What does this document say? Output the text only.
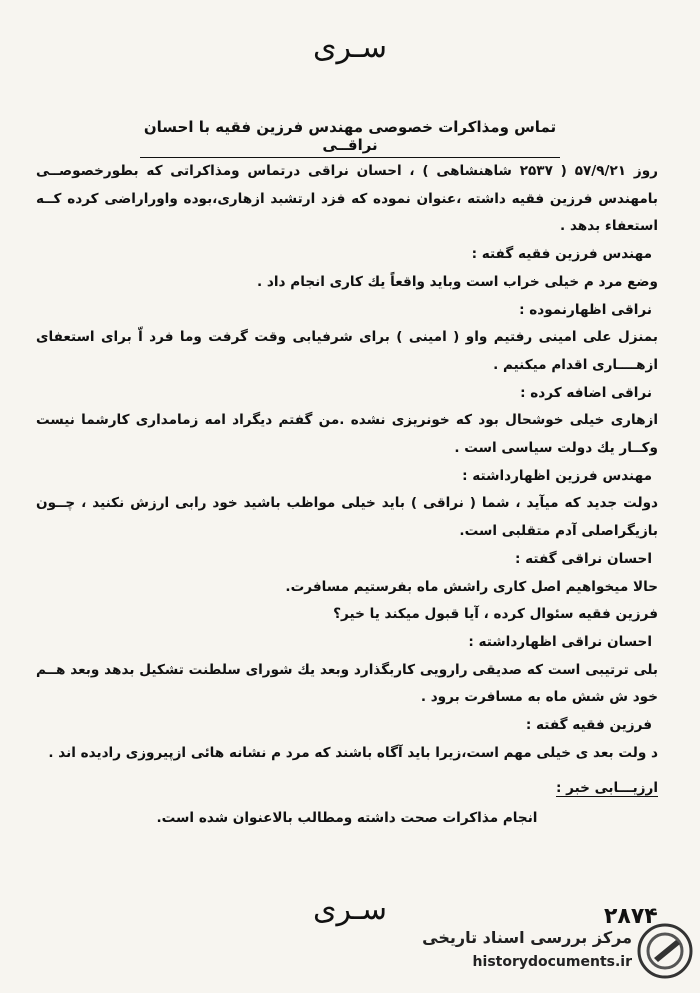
سـرى
تماس ومذاكرات خصوصى مهندس فرزين فقيه با احسان نراقــى

روز ۵۷/۹/۲۱ ( ۲۵۳۷ شاهنشاهى ) ، احسان نراقى درتماس ومذاكراتى كه بطورخصوصــى بامهندس فرزين فقيه داشته ،عنوان نموده كه فزد ارتشبد ازهارى،بوده واوراراضى كرده كــه استعفاء بدهد .

مهندس فرزين فقيه گفته :

وضع مرد م خيلى خراب است وبايد واقعاً يك كارى انجام داد .

نراقى اظهارنموده :

بمنزل على امينى رفتيم واو ( امينى ) براى شرفيابى وقت گرفت وما فرد اّ براى استعفاى ازهــــارى اقدام ميكنيم .

نراقى اضافه كرده :

ازهارى خيلى خوشحال بود كه خونريزى نشده .من گفتم دیگراد امه زمامدارى كارشما نيست وكــار يك دولت سياسى است .

مهندس فرزين اظهارداشته :

دولت جديد كه ميآيد ، شما ( نراقى ) بايد خيلى مواظب باشيد خود رابى ارزش نكنيد ، چــون بازيگراصلى آدم متقلبى است.

احسان نراقى گفته :

حالا ميخواهيم اصل كارى راشش ماه بفرستيم مسافرت.

فرزين فقيه سئوال كرده ، آيا قبول ميكند يا خير؟

احسان نراقى اظهارداشته :

بلى ترتيبى است كه صديقى رارويى كاربگذارد وبعد يك شوراى سلطنت تشكيل بدهد وبعد هــم خود ش شش ماه به مسافرت برود .

فرزين فقيه گفته :

د ولت بعد ى خيلى مهم است،زيرا بايد آگاه باشند كه مرد م نشانه هائى ازپيروزى راديده اند .

ارزيـــابى خبر :

انجام مذاكرات صحت داشته ومطالب بالاعنوان شده است.

سـرى	۲۸۷۴
مركز بررسى اسناد تاريخى
historydocuments.ir
